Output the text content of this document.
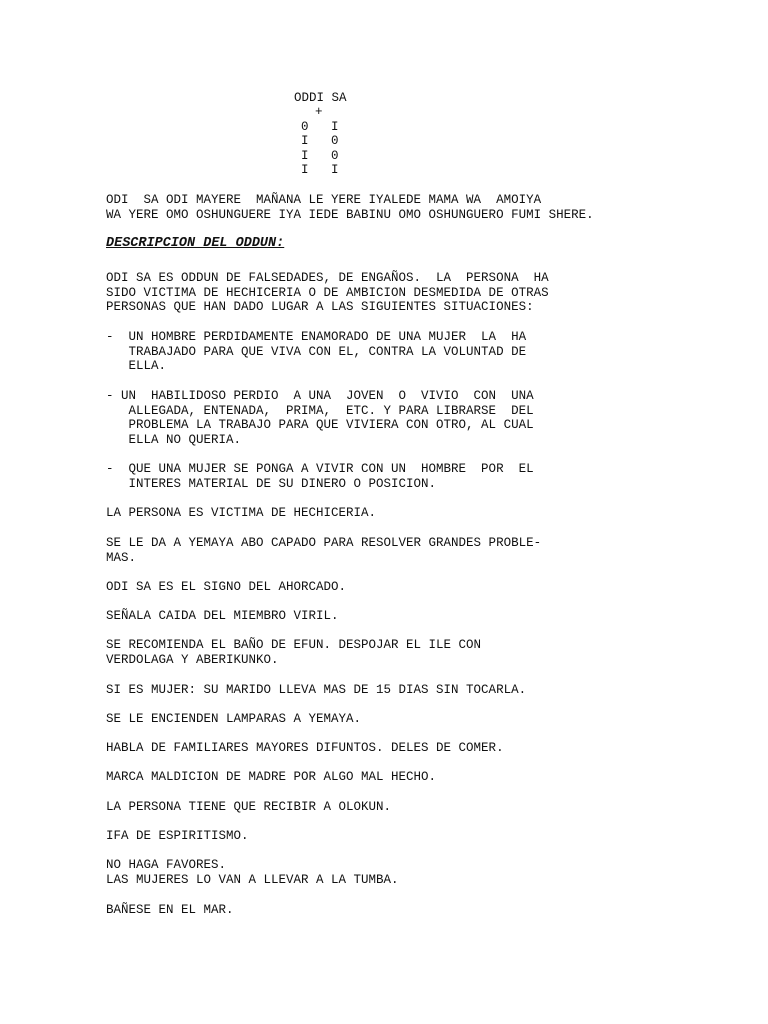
ODDI SA
+
0   I
I   0
I   0
I   I
ODI  SA ODI MAYERE  MAÑANA LE YERE IYALEDE MAMA WA  AMOIYA
WA YERE OMO OSHUNGUERE IYA IEDE BABINU OMO OSHUNGUERO FUMI SHERE.
DESCRIPCION DEL ODDUN:
ODI SA ES ODDUN DE FALSEDADES, DE ENGAÑOS.  LA  PERSONA  HA
SIDO VICTIMA DE HECHICERIA O DE AMBICION DESMEDIDA DE OTRAS
PERSONAS QUE HAN DADO LUGAR A LAS SIGUIENTES SITUACIONES:
-  UN HOMBRE PERDIDAMENTE ENAMORADO DE UNA MUJER  LA  HA
TRABAJADO PARA QUE VIVA CON EL, CONTRA LA VOLUNTAD DE
ELLA.
- UN  HABILIDOSO PERDIO  A UNA  JOVEN  O  VIVIO  CON  UNA
ALLEGADA, ENTENADA,  PRIMA,  ETC. Y PARA LIBRARSE  DEL
PROBLEMA LA TRABAJO PARA QUE VIVIERA CON OTRO, AL CUAL
ELLA NO QUERIA.
-  QUE UNA MUJER SE PONGA A VIVIR CON UN  HOMBRE  POR  EL
INTERES MATERIAL DE SU DINERO O POSICION.
LA PERSONA ES VICTIMA DE HECHICERIA.
SE LE DA A YEMAYA ABO CAPADO PARA RESOLVER GRANDES PROBLE-
MAS.
ODI SA ES EL SIGNO DEL AHORCADO.
SEÑALA CAIDA DEL MIEMBRO VIRIL.
SE RECOMIENDA EL BAÑO DE EFUN. DESPOJAR EL ILE CON
VERDOLAGA Y ABERIKUNKO.
SI ES MUJER: SU MARIDO LLEVA MAS DE 15 DIAS SIN TOCARLA.
SE LE ENCIENDEN LAMPARAS A YEMAYA.
HABLA DE FAMILIARES MAYORES DIFUNTOS. DELES DE COMER.
MARCA MALDICION DE MADRE POR ALGO MAL HECHO.
LA PERSONA TIENE QUE RECIBIR A OLOKUN.
IFA DE ESPIRITISMO.
NO HAGA FAVORES.
LAS MUJERES LO VAN A LLEVAR A LA TUMBA.
BAÑESE EN EL MAR.
